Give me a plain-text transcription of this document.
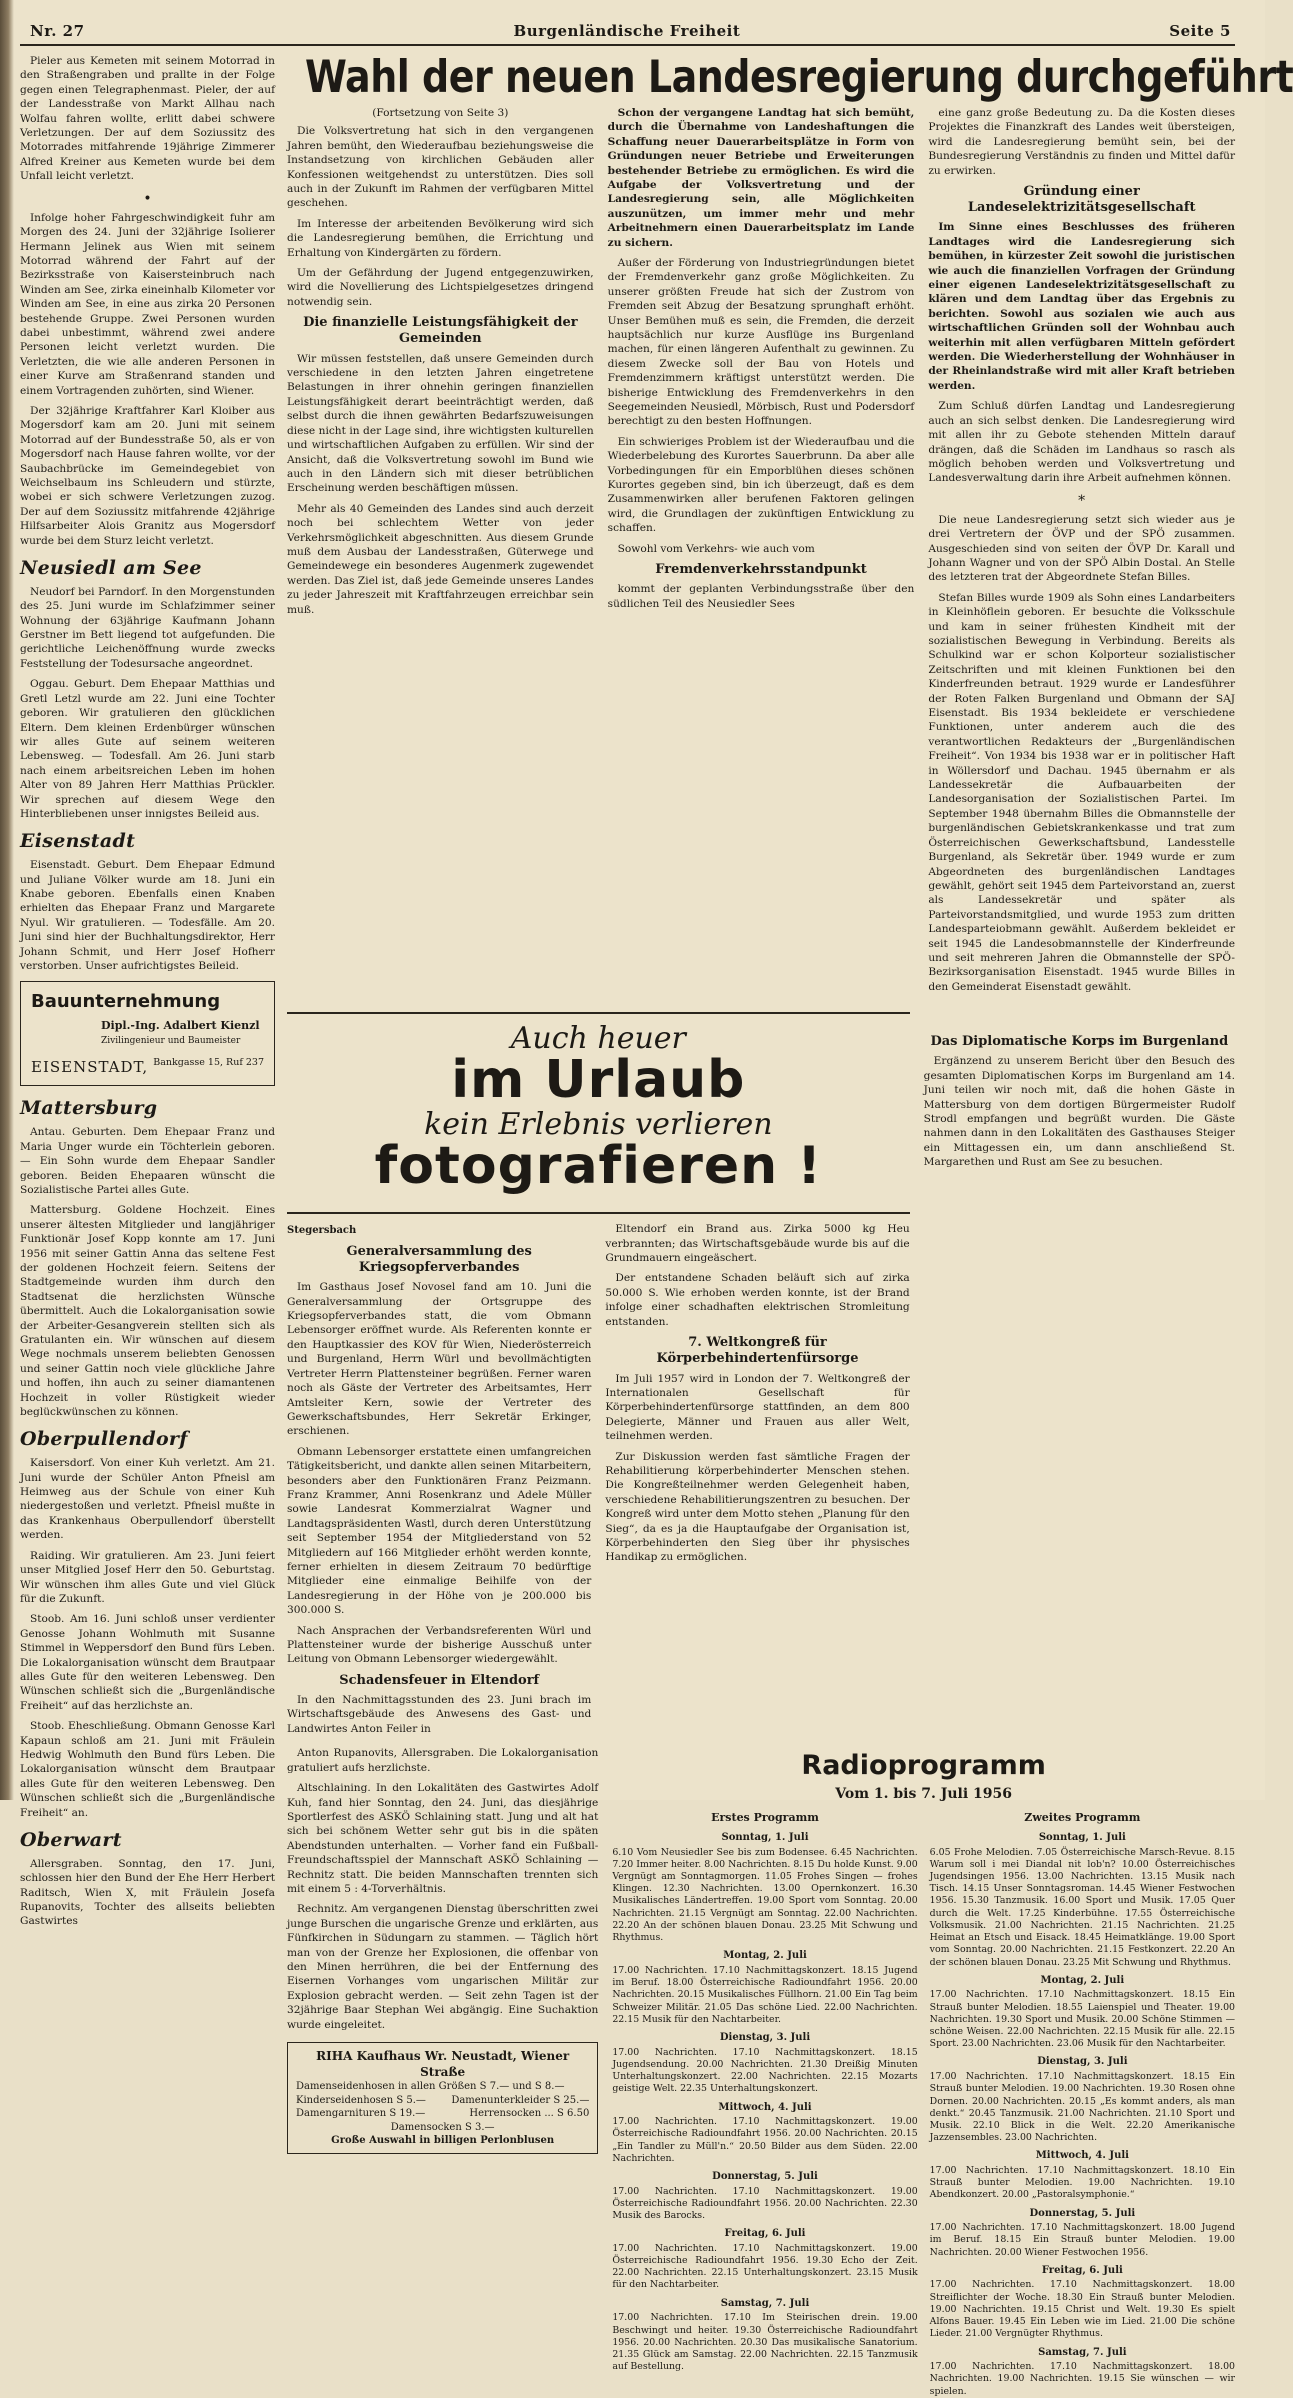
Nr. 27	Burgenländische Freiheit	Seite 5

Pieler aus Kemeten mit seinem Motorrad in den Straßengraben und prallte in der Folge gegen einen Telegraphenmast. Pieler, der auf der Landesstraße von Markt Allhau nach Wolfau fahren wollte, erlitt dabei schwere Verletzungen. Der auf dem Soziussitz des Motorrades mitfahrende 19jährige Zimmerer Alfred Kreiner aus Kemeten wurde bei dem Unfall leicht verletzt.

•

Infolge hoher Fahrgeschwindigkeit fuhr am Morgen des 24. Juni der 32jährige Isolierer Hermann Jelinek aus Wien mit seinem Motorrad während der Fahrt auf der Bezirksstraße von Kaisersteinbruch nach Winden am See, zirka eineinhalb Kilometer vor Winden am See, in eine aus zirka 20 Personen bestehende Gruppe. Zwei Personen wurden dabei unbestimmt, während zwei andere Personen leicht verletzt wurden. Die Verletzten, die wie alle anderen Personen in einer Kurve am Straßenrand standen und einem Vortragenden zuhörten, sind Wiener.

Der 32jährige Kraftfahrer Karl Kloiber aus Mogersdorf kam am 20. Juni mit seinem Motorrad auf der Bundesstraße 50, als er von Mogersdorf nach Hause fahren wollte, vor der Saubachbrücke im Gemeindegebiet von Weichselbaum ins Schleudern und stürzte, wobei er sich schwere Verletzungen zuzog. Der auf dem Soziussitz mitfahrende 42jährige Hilfsarbeiter Alois Granitz aus Mogersdorf wurde bei dem Sturz leicht verletzt.

Neusiedl am See

Neudorf bei Parndorf. In den Morgenstunden des 25. Juni wurde im Schlafzimmer seiner Wohnung der 63jährige Kaufmann Johann Gerstner im Bett liegend tot aufgefunden. Die gerichtliche Leichenöffnung wurde zwecks Feststellung der Todesursache angeordnet.

Oggau. Geburt. Dem Ehepaar Matthias und Gretl Letzl wurde am 22. Juni eine Tochter geboren. Wir gratulieren den glücklichen Eltern. Dem kleinen Erdenbürger wünschen wir alles Gute auf seinem weiteren Lebensweg. — Todesfall. Am 26. Juni starb nach einem arbeitsreichen Leben im hohen Alter von 89 Jahren Herr Matthias Prückler. Wir sprechen auf diesem Wege den Hinterbliebenen unser innigstes Beileid aus.

Eisenstadt

Eisenstadt. Geburt. Dem Ehepaar Edmund und Juliane Völker wurde am 18. Juni ein Knabe geboren. Ebenfalls einen Knaben erhielten das Ehepaar Franz und Margarete Nyul. Wir gratulieren. — Todesfälle. Am 20. Juni sind hier der Buchhaltungsdirektor, Herr Johann Schmit, und Herr Josef Hofherr verstorben. Unser aufrichtigstes Beileid.

Bauunternehmung
Dipl.-Ing. Adalbert Kienzl
Zivilingenieur und Baumeister
EISENSTADT, Bankgasse 15, Ruf 237
Mattersburg

Antau. Geburten. Dem Ehepaar Franz und Maria Unger wurde ein Töchterlein geboren. — Ein Sohn wurde dem Ehepaar Sandler geboren. Beiden Ehepaaren wünscht die Sozialistische Partei alles Gute.

Mattersburg. Goldene Hochzeit. Eines unserer ältesten Mitglieder und langjähriger Funktionär Josef Kopp konnte am 17. Juni 1956 mit seiner Gattin Anna das seltene Fest der goldenen Hochzeit feiern. Seitens der Stadtgemeinde wurden ihm durch den Stadtsenat die herzlichsten Wünsche übermittelt. Auch die Lokalorganisation sowie der Arbeiter-Gesangverein stellten sich als Gratulanten ein. Wir wünschen auf diesem Wege nochmals unserem beliebten Genossen und seiner Gattin noch viele glückliche Jahre und hoffen, ihn auch zu seiner diamantenen Hochzeit in voller Rüstigkeit wieder beglückwünschen zu können.

Oberpullendorf

Kaisersdorf. Von einer Kuh verletzt. Am 21. Juni wurde der Schüler Anton Pfneisl am Heimweg aus der Schule von einer Kuh niedergestoßen und verletzt. Pfneisl mußte in das Krankenhaus Oberpullendorf überstellt werden.

Raiding. Wir gratulieren. Am 23. Juni feiert unser Mitglied Josef Herr den 50. Geburtstag. Wir wünschen ihm alles Gute und viel Glück für die Zukunft.

Stoob. Am 16. Juni schloß unser verdienter Genosse Johann Wohlmuth mit Susanne Stimmel in Weppersdorf den Bund fürs Leben. Die Lokalorganisation wünscht dem Brautpaar alles Gute für den weiteren Lebensweg. Den Wünschen schließt sich die „Burgenländische Freiheit“ auf das herzlichste an.

Stoob. Eheschließung. Obmann Genosse Karl Kapaun schloß am 21. Juni mit Fräulein Hedwig Wohlmuth den Bund fürs Leben. Die Lokalorganisation wünscht dem Brautpaar alles Gute für den weiteren Lebensweg. Den Wünschen schließt sich die „Burgenländische Freiheit“ an.

Oberwart

Allersgraben. Sonntag, den 17. Juni, schlossen hier den Bund der Ehe Herr Herbert Raditsch, Wien X, mit Fräulein Josefa Rupanovits, Tochter des allseits beliebten Gastwirtes

Wahl der neuen Landesregierung durchgeführt
(Fortsetzung von Seite 3)

Die Volksvertretung hat sich in den vergangenen Jahren bemüht, den Wiederaufbau beziehungsweise die Instandsetzung von kirchlichen Gebäuden aller Konfessionen weitgehendst zu unterstützen. Dies soll auch in der Zukunft im Rahmen der verfügbaren Mittel geschehen.

Im Interesse der arbeitenden Bevölkerung wird sich die Landesregierung bemühen, die Errichtung und Erhaltung von Kindergärten zu fördern.

Um der Gefährdung der Jugend entgegenzuwirken, wird die Novellierung des Lichtspielgesetzes dringend notwendig sein.

Die finanzielle Leistungsfähigkeit der Gemeinden

Wir müssen feststellen, daß unsere Gemeinden durch verschiedene in den letzten Jahren eingetretene Belastungen in ihrer ohnehin geringen finanziellen Leistungsfähigkeit derart beeinträchtigt werden, daß selbst durch die ihnen gewährten Bedarfszuweisungen diese nicht in der Lage sind, ihre wichtigsten kulturellen und wirtschaftlichen Aufgaben zu erfüllen. Wir sind der Ansicht, daß die Volksvertretung sowohl im Bund wie auch in den Ländern sich mit dieser betrüblichen Erscheinung werden beschäftigen müssen.

Mehr als 40 Gemeinden des Landes sind auch derzeit noch bei schlechtem Wetter von jeder Verkehrsmöglichkeit abgeschnitten. Aus diesem Grunde muß dem Ausbau der Landesstraßen, Güterwege und Gemeindewege ein besonderes Augenmerk zugewendet werden. Das Ziel ist, daß jede Gemeinde unseres Landes zu jeder Jahreszeit mit Kraftfahrzeugen erreichbar sein muß.

Schon der vergangene Landtag hat sich bemüht, durch die Übernahme von Landeshaftungen die Schaffung neuer Dauerarbeitsplätze in Form von Gründungen neuer Betriebe und Erweiterungen bestehender Betriebe zu ermöglichen. Es wird die Aufgabe der Volksvertretung und der Landesregierung sein, alle Möglichkeiten auszunützen, um immer mehr und mehr Arbeitnehmern einen Dauerarbeitsplatz im Lande zu sichern.

Außer der Förderung von Industriegründungen bietet der Fremdenverkehr ganz große Möglichkeiten. Zu unserer größten Freude hat sich der Zustrom von Fremden seit Abzug der Besatzung sprunghaft erhöht. Unser Bemühen muß es sein, die Fremden, die derzeit hauptsächlich nur kurze Ausflüge ins Burgenland machen, für einen längeren Aufenthalt zu gewinnen. Zu diesem Zwecke soll der Bau von Hotels und Fremdenzimmern kräftigst unterstützt werden. Die bisherige Entwicklung des Fremdenverkehrs in den Seegemeinden Neusiedl, Mörbisch, Rust und Podersdorf berechtigt zu den besten Hoffnungen.

Ein schwieriges Problem ist der Wiederaufbau und die Wiederbelebung des Kurortes Sauerbrunn. Da aber alle Vorbedingungen für ein Emporblühen dieses schönen Kurortes gegeben sind, bin ich überzeugt, daß es dem Zusammenwirken aller berufenen Faktoren gelingen wird, die Grundlagen der zukünftigen Entwicklung zu schaffen.

Sowohl vom Verkehrs- wie auch vom

Fremdenverkehrsstandpunkt

kommt der geplanten Verbindungsstraße über den südlichen Teil des Neusiedler Sees

eine ganz große Bedeutung zu. Da die Kosten dieses Projektes die Finanzkraft des Landes weit übersteigen, wird die Landesregierung bemüht sein, bei der Bundesregierung Verständnis zu finden und Mittel dafür zu erwirken.

Gründung einer Landeselektrizitätsgesellschaft

Im Sinne eines Beschlusses des früheren Landtages wird die Landesregierung sich bemühen, in kürzester Zeit sowohl die juristischen wie auch die finanziellen Vorfragen der Gründung einer eigenen Landeselektrizitätsgesellschaft zu klären und dem Landtag über das Ergebnis zu berichten. Sowohl aus sozialen wie auch aus wirtschaftlichen Gründen soll der Wohnbau auch weiterhin mit allen verfügbaren Mitteln gefördert werden. Die Wiederherstellung der Wohnhäuser in der Rheinlandstraße wird mit aller Kraft betrieben werden.

Zum Schluß dürfen Landtag und Landesregierung auch an sich selbst denken. Die Landesregierung wird mit allen ihr zu Gebote stehenden Mitteln darauf drängen, daß die Schäden im Landhaus so rasch als möglich behoben werden und Volksvertretung und Landesverwaltung darin ihre Arbeit aufnehmen können.

*

Die neue Landesregierung setzt sich wieder aus je drei Vertretern der ÖVP und der SPÖ zusammen. Ausgeschieden sind von seiten der ÖVP Dr. Karall und Johann Wagner und von der SPÖ Albin Dostal. An Stelle des letzteren trat der Abgeordnete Stefan Billes.

Stefan Billes wurde 1909 als Sohn eines Landarbeiters in Kleinhöflein geboren. Er besuchte die Volksschule und kam in seiner frühesten Kindheit mit der sozialistischen Bewegung in Verbindung. Bereits als Schulkind war er schon Kolporteur sozialistischer Zeitschriften und mit kleinen Funktionen bei den Kinderfreunden betraut. 1929 wurde er Landesführer der Roten Falken Burgenland und Obmann der SAJ Eisenstadt. Bis 1934 bekleidete er verschiedene Funktionen, unter anderem auch die des verantwortlichen Redakteurs der „Burgenländischen Freiheit“. Von 1934 bis 1938 war er in politischer Haft in Wöllersdorf und Dachau. 1945 übernahm er als Landessekretär die Aufbauarbeiten der Landesorganisation der Sozialistischen Partei. Im September 1948 übernahm Billes die Obmannstelle der burgenländischen Gebietskrankenkasse und trat zum Österreichischen Gewerkschaftsbund, Landesstelle Burgenland, als Sekretär über. 1949 wurde er zum Abgeordneten des burgenländischen Landtages gewählt, gehört seit 1945 dem Parteivorstand an, zuerst als Landessekretär und später als Parteivorstandsmitglied, und wurde 1953 zum dritten Landesparteiobmann gewählt. Außerdem bekleidet er seit 1945 die Landesobmannstelle der Kinderfreunde und seit mehreren Jahren die Obmannstelle der SPÖ-Bezirksorganisation Eisenstadt. 1945 wurde Billes in den Gemeinderat Eisenstadt gewählt.

Auch heuer
im Urlaub
kein Erlebnis verlieren
fotografieren !
Stegersbach
Generalversammlung des Kriegsopferverbandes

Im Gasthaus Josef Novosel fand am 10. Juni die Generalversammlung der Ortsgruppe des Kriegsopferverbandes statt, die vom Obmann Lebensorger eröffnet wurde. Als Referenten konnte er den Hauptkassier des KOV für Wien, Niederösterreich und Burgenland, Herrn Würl und bevollmächtigten Vertreter Herrn Plattensteiner begrüßen. Ferner waren noch als Gäste der Vertreter des Arbeitsamtes, Herr Amtsleiter Kern, sowie der Vertreter des Gewerkschaftsbundes, Herr Sekretär Erkinger, erschienen.

Obmann Lebensorger erstattete einen umfangreichen Tätigkeitsbericht, und dankte allen seinen Mitarbeitern, besonders aber den Funktionären Franz Peizmann. Franz Krammer, Anni Rosenkranz und Adele Müller sowie Landesrat Kommerzialrat Wagner und Landtagspräsidenten Wastl, durch deren Unterstützung seit September 1954 der Mitgliederstand von 52 Mitgliedern auf 166 Mitglieder erhöht werden konnte, ferner erhielten in diesem Zeitraum 70 bedürftige Mitglieder eine einmalige Beihilfe von der Landesregierung in der Höhe von je 200.000 bis 300.000 S.

Nach Ansprachen der Verbandsreferenten Würl und Plattensteiner wurde der bisherige Ausschuß unter Leitung von Obmann Lebensorger wiedergewählt.

Schadensfeuer in Eltendorf

In den Nachmittagsstunden des 23. Juni brach im Wirtschaftsgebäude des Anwesens des Gast- und Landwirtes Anton Feiler in

Eltendorf ein Brand aus. Zirka 5000 kg Heu verbrannten; das Wirtschaftsgebäude wurde bis auf die Grundmauern eingeäschert.

Der entstandene Schaden beläuft sich auf zirka 50.000 S. Wie erhoben werden konnte, ist der Brand infolge einer schadhaften elektrischen Stromleitung entstanden.

7. Weltkongreß für Körperbehindertenfürsorge

Im Juli 1957 wird in London der 7. Weltkongreß der Internationalen Gesellschaft für Körperbehindertenfürsorge stattfinden, an dem 800 Delegierte, Männer und Frauen aus aller Welt, teilnehmen werden.

Zur Diskussion werden fast sämtliche Fragen der Rehabilitierung körperbehinderter Menschen stehen. Die Kongreßteilnehmer werden Gelegenheit haben, verschiedene Rehabilitierungszentren zu besuchen. Der Kongreß wird unter dem Motto stehen „Planung für den Sieg“, da es ja die Hauptaufgabe der Organisation ist, Körperbehinderten den Sieg über ihr physisches Handikap zu ermöglichen.

Das Diplomatische Korps im Burgenland

Ergänzend zu unserem Bericht über den Besuch des gesamten Diplomatischen Korps im Burgenland am 14. Juni teilen wir noch mit, daß die hohen Gäste in Mattersburg von dem dortigen Bürgermeister Rudolf Strodl empfangen und begrüßt wurden. Die Gäste nahmen dann in den Lokalitäten des Gasthauses Steiger ein Mittagessen ein, um dann anschließend St. Margarethen und Rust am See zu besuchen.

Anton Rupanovits, Allersgraben. Die Lokalorganisation gratuliert aufs herzlichste.

Altschlaining. In den Lokalitäten des Gastwirtes Adolf Kuh, fand hier Sonntag, den 24. Juni, das diesjährige Sportlerfest des ASKÖ Schlaining statt. Jung und alt hat sich bei schönem Wetter sehr gut bis in die späten Abendstunden unterhalten. — Vorher fand ein Fußball-Freundschaftsspiel der Mannschaft ASKÖ Schlaining — Rechnitz statt. Die beiden Mannschaften trennten sich mit einem 5 : 4-Torverhältnis.

Rechnitz. Am vergangenen Dienstag überschritten zwei junge Burschen die ungarische Grenze und erklärten, aus Fünfkirchen in Südungarn zu stammen. — Täglich hört man von der Grenze her Explosionen, die offenbar von den Minen herrühren, die bei der Entfernung des Eisernen Vorhanges vom ungarischen Militär zur Explosion gebracht werden. — Seit zehn Tagen ist der 32jährige Baar Stephan Wei abgängig. Eine Suchaktion wurde eingeleitet.

RIHA Kaufhaus Wr. Neustadt, Wiener Straße
Damenseidenhosen in allen Größen S 7.— und S 8.—
Kinderseidenhosen S 5.—	Damenunterkleider S 25.—
Damengarnituren S 19.—	Herrensocken ... S 6.50
Damensocken S 3.—
Große Auswahl in billigen Perlonblusen
Radioprogramm
Vom 1. bis 7. Juli 1956
Erstes Programm
Sonntag, 1. Juli
6.10 Vom Neusiedler See bis zum Bodensee. 6.45 Nachrichten. 7.20 Immer heiter. 8.00 Nachrichten. 8.15 Du holde Kunst. 9.00 Vergnügt am Sonntagmorgen. 11.05 Frohes Singen — frohes Klingen. 12.30 Nachrichten. 13.00 Opernkonzert. 16.30 Musikalisches Ländertreffen. 19.00 Sport vom Sonntag. 20.00 Nachrichten. 21.15 Vergnügt am Sonntag. 22.00 Nachrichten. 22.20 An der schönen blauen Donau. 23.25 Mit Schwung und Rhythmus.
Montag, 2. Juli
17.00 Nachrichten. 17.10 Nachmittagskonzert. 18.15 Jugend im Beruf. 18.00 Österreichische Radioundfahrt 1956. 20.00 Nachrichten. 20.15 Musikalisches Füllhorn. 21.00 Ein Tag beim Schweizer Militär. 21.05 Das schöne Lied. 22.00 Nachrichten. 22.15 Musik für den Nachtarbeiter.
Dienstag, 3. Juli
17.00 Nachrichten. 17.10 Nachmittagskonzert. 18.15 Jugendsendung. 20.00 Nachrichten. 21.30 Dreißig Minuten Unterhaltungskonzert. 22.00 Nachrichten. 22.15 Mozarts geistige Welt. 22.35 Unterhaltungskonzert.
Mittwoch, 4. Juli
17.00 Nachrichten. 17.10 Nachmittagskonzert. 19.00 Österreichische Radioundfahrt 1956. 20.00 Nachrichten. 20.15 „Ein Tandler zu Müll'n.“ 20.50 Bilder aus dem Süden. 22.00 Nachrichten.
Donnerstag, 5. Juli
17.00 Nachrichten. 17.10 Nachmittagskonzert. 19.00 Österreichische Radioundfahrt 1956. 20.00 Nachrichten. 22.30 Musik des Barocks.
Freitag, 6. Juli
17.00 Nachrichten. 17.10 Nachmittagskonzert. 19.00 Österreichische Radioundfahrt 1956. 19.30 Echo der Zeit. 22.00 Nachrichten. 22.15 Unterhaltungskonzert. 23.15 Musik für den Nachtarbeiter.
Samstag, 7. Juli
17.00 Nachrichten. 17.10 Im Steirischen drein. 19.00 Beschwingt und heiter. 19.30 Österreichische Radioundfahrt 1956. 20.00 Nachrichten. 20.30 Das musikalische Sanatorium. 21.35 Glück am Samstag. 22.00 Nachrichten. 22.15 Tanzmusik auf Bestellung.
Zweites Programm
Sonntag, 1. Juli
6.05 Frohe Melodien. 7.05 Österreichische Marsch-Revue. 8.15 Warum soll i mei Diandal nit lob'n? 10.00 Österreichisches Jugendsingen 1956. 13.00 Nachrichten. 13.15 Musik nach Tisch. 14.15 Unser Sonntagsroman. 14.45 Wiener Festwochen 1956. 15.30 Tanzmusik. 16.00 Sport und Musik. 17.05 Quer durch die Welt. 17.25 Kinderbühne. 17.55 Österreichische Volksmusik. 21.00 Nachrichten. 21.15 Nachrichten. 21.25 Heimat an Etsch und Eisack. 18.45 Heimatklänge. 19.00 Sport vom Sonntag. 20.00 Nachrichten. 21.15 Festkonzert. 22.20 An der schönen blauen Donau. 23.25 Mit Schwung und Rhythmus.
Montag, 2. Juli
17.00 Nachrichten. 17.10 Nachmittagskonzert. 18.15 Ein Strauß bunter Melodien. 18.55 Laienspiel und Theater. 19.00 Nachrichten. 19.30 Sport und Musik. 20.00 Schöne Stimmen — schöne Weisen. 22.00 Nachrichten. 22.15 Musik für alle. 22.15 Sport. 23.00 Nachrichten. 23.06 Musik für den Nachtarbeiter.
Dienstag, 3. Juli
17.00 Nachrichten. 17.10 Nachmittagskonzert. 18.15 Ein Strauß bunter Melodien. 19.00 Nachrichten. 19.30 Rosen ohne Dornen. 20.00 Nachrichten. 20.15 „Es kommt anders, als man denkt.“ 20.45 Tanzmusik. 21.00 Nachrichten. 21.10 Sport und Musik. 22.10 Blick in die Welt. 22.20 Amerikanische Jazzensembles. 23.00 Nachrichten.
Mittwoch, 4. Juli
17.00 Nachrichten. 17.10 Nachmittagskonzert. 18.10 Ein Strauß bunter Melodien. 19.00 Nachrichten. 19.10 Abendkonzert. 20.00 „Pastoralsymphonie.“
Donnerstag, 5. Juli
17.00 Nachrichten. 17.10 Nachmittagskonzert. 18.00 Jugend im Beruf. 18.15 Ein Strauß bunter Melodien. 19.00 Nachrichten. 20.00 Wiener Festwochen 1956.
Freitag, 6. Juli
17.00 Nachrichten. 17.10 Nachmittagskonzert. 18.00 Streiflichter der Woche. 18.30 Ein Strauß bunter Melodien. 19.00 Nachrichten. 19.15 Christ und Welt. 19.30 Es spielt Alfons Bauer. 19.45 Ein Leben wie im Lied. 21.00 Die schöne Lieder. 21.00 Vergnügter Rhythmus.
Samstag, 7. Juli
17.00 Nachrichten. 17.10 Nachmittagskonzert. 18.00 Nachrichten. 19.00 Nachrichten. 19.15 Sie wünschen — wir spielen.
